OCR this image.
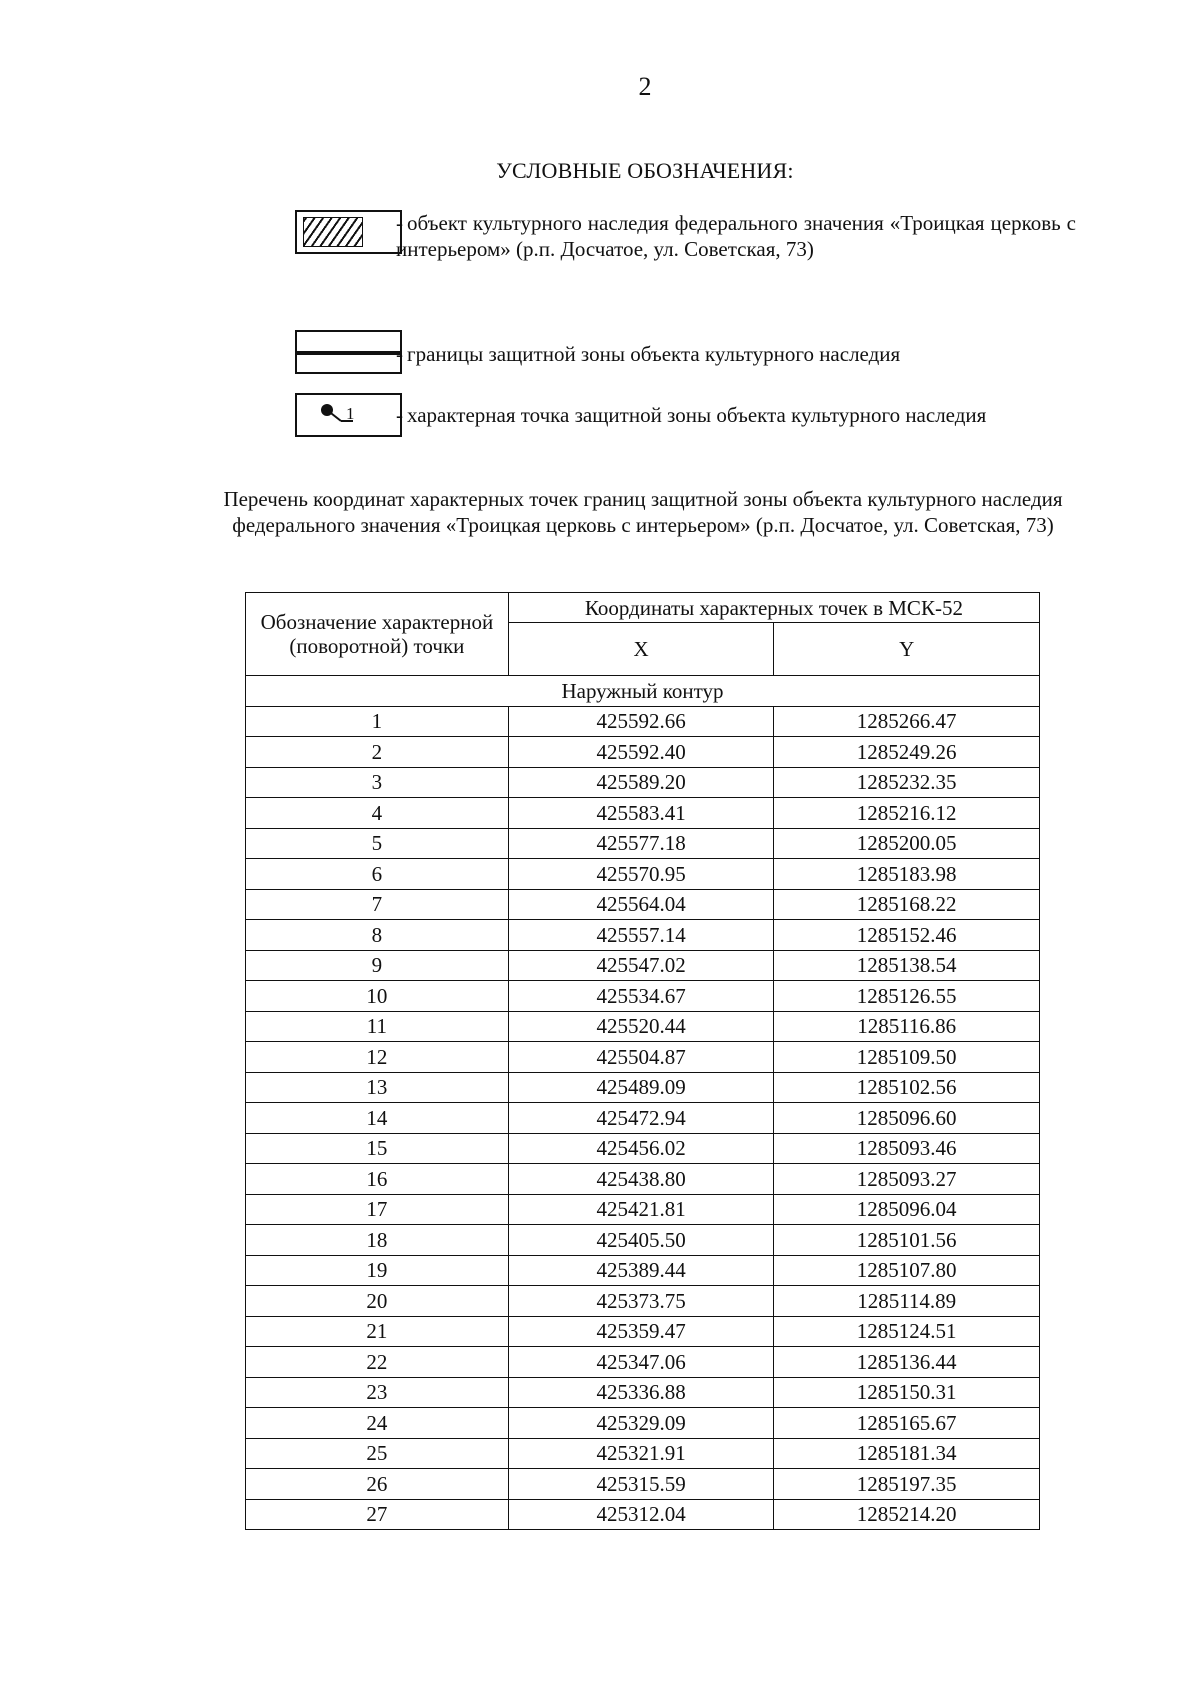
2
УСЛОВНЫЕ ОБОЗНАЧЕНИЯ:
- объект культурного наследия федерального значения «Троицкая церковь с интерьером» (р.п. Досчатое, ул. Советская, 73)
- границы защитной зоны объекта культурного наследия
1 - характерная точка защитной зоны объекта культурного наследия
Перечень координат характерных точек границ защитной зоны объекта культурного наследия федерального значения «Троицкая церковь с интерьером» (р.п. Досчатое, ул. Советская, 73)
Обозначение характерной (поворотной) точки	Координаты характерных точек в МСК-52	
	X	Y
Наружный контур		
1	425592.66	1285266.47
2	425592.40	1285249.26
3	425589.20	1285232.35
4	425583.41	1285216.12
5	425577.18	1285200.05
6	425570.95	1285183.98
7	425564.04	1285168.22
8	425557.14	1285152.46
9	425547.02	1285138.54
10	425534.67	1285126.55
11	425520.44	1285116.86
12	425504.87	1285109.50
13	425489.09	1285102.56
14	425472.94	1285096.60
15	425456.02	1285093.46
16	425438.80	1285093.27
17	425421.81	1285096.04
18	425405.50	1285101.56
19	425389.44	1285107.80
20	425373.75	1285114.89
21	425359.47	1285124.51
22	425347.06	1285136.44
23	425336.88	1285150.31
24	425329.09	1285165.67
25	425321.91	1285181.34
26	425315.59	1285197.35
27	425312.04	1285214.20
